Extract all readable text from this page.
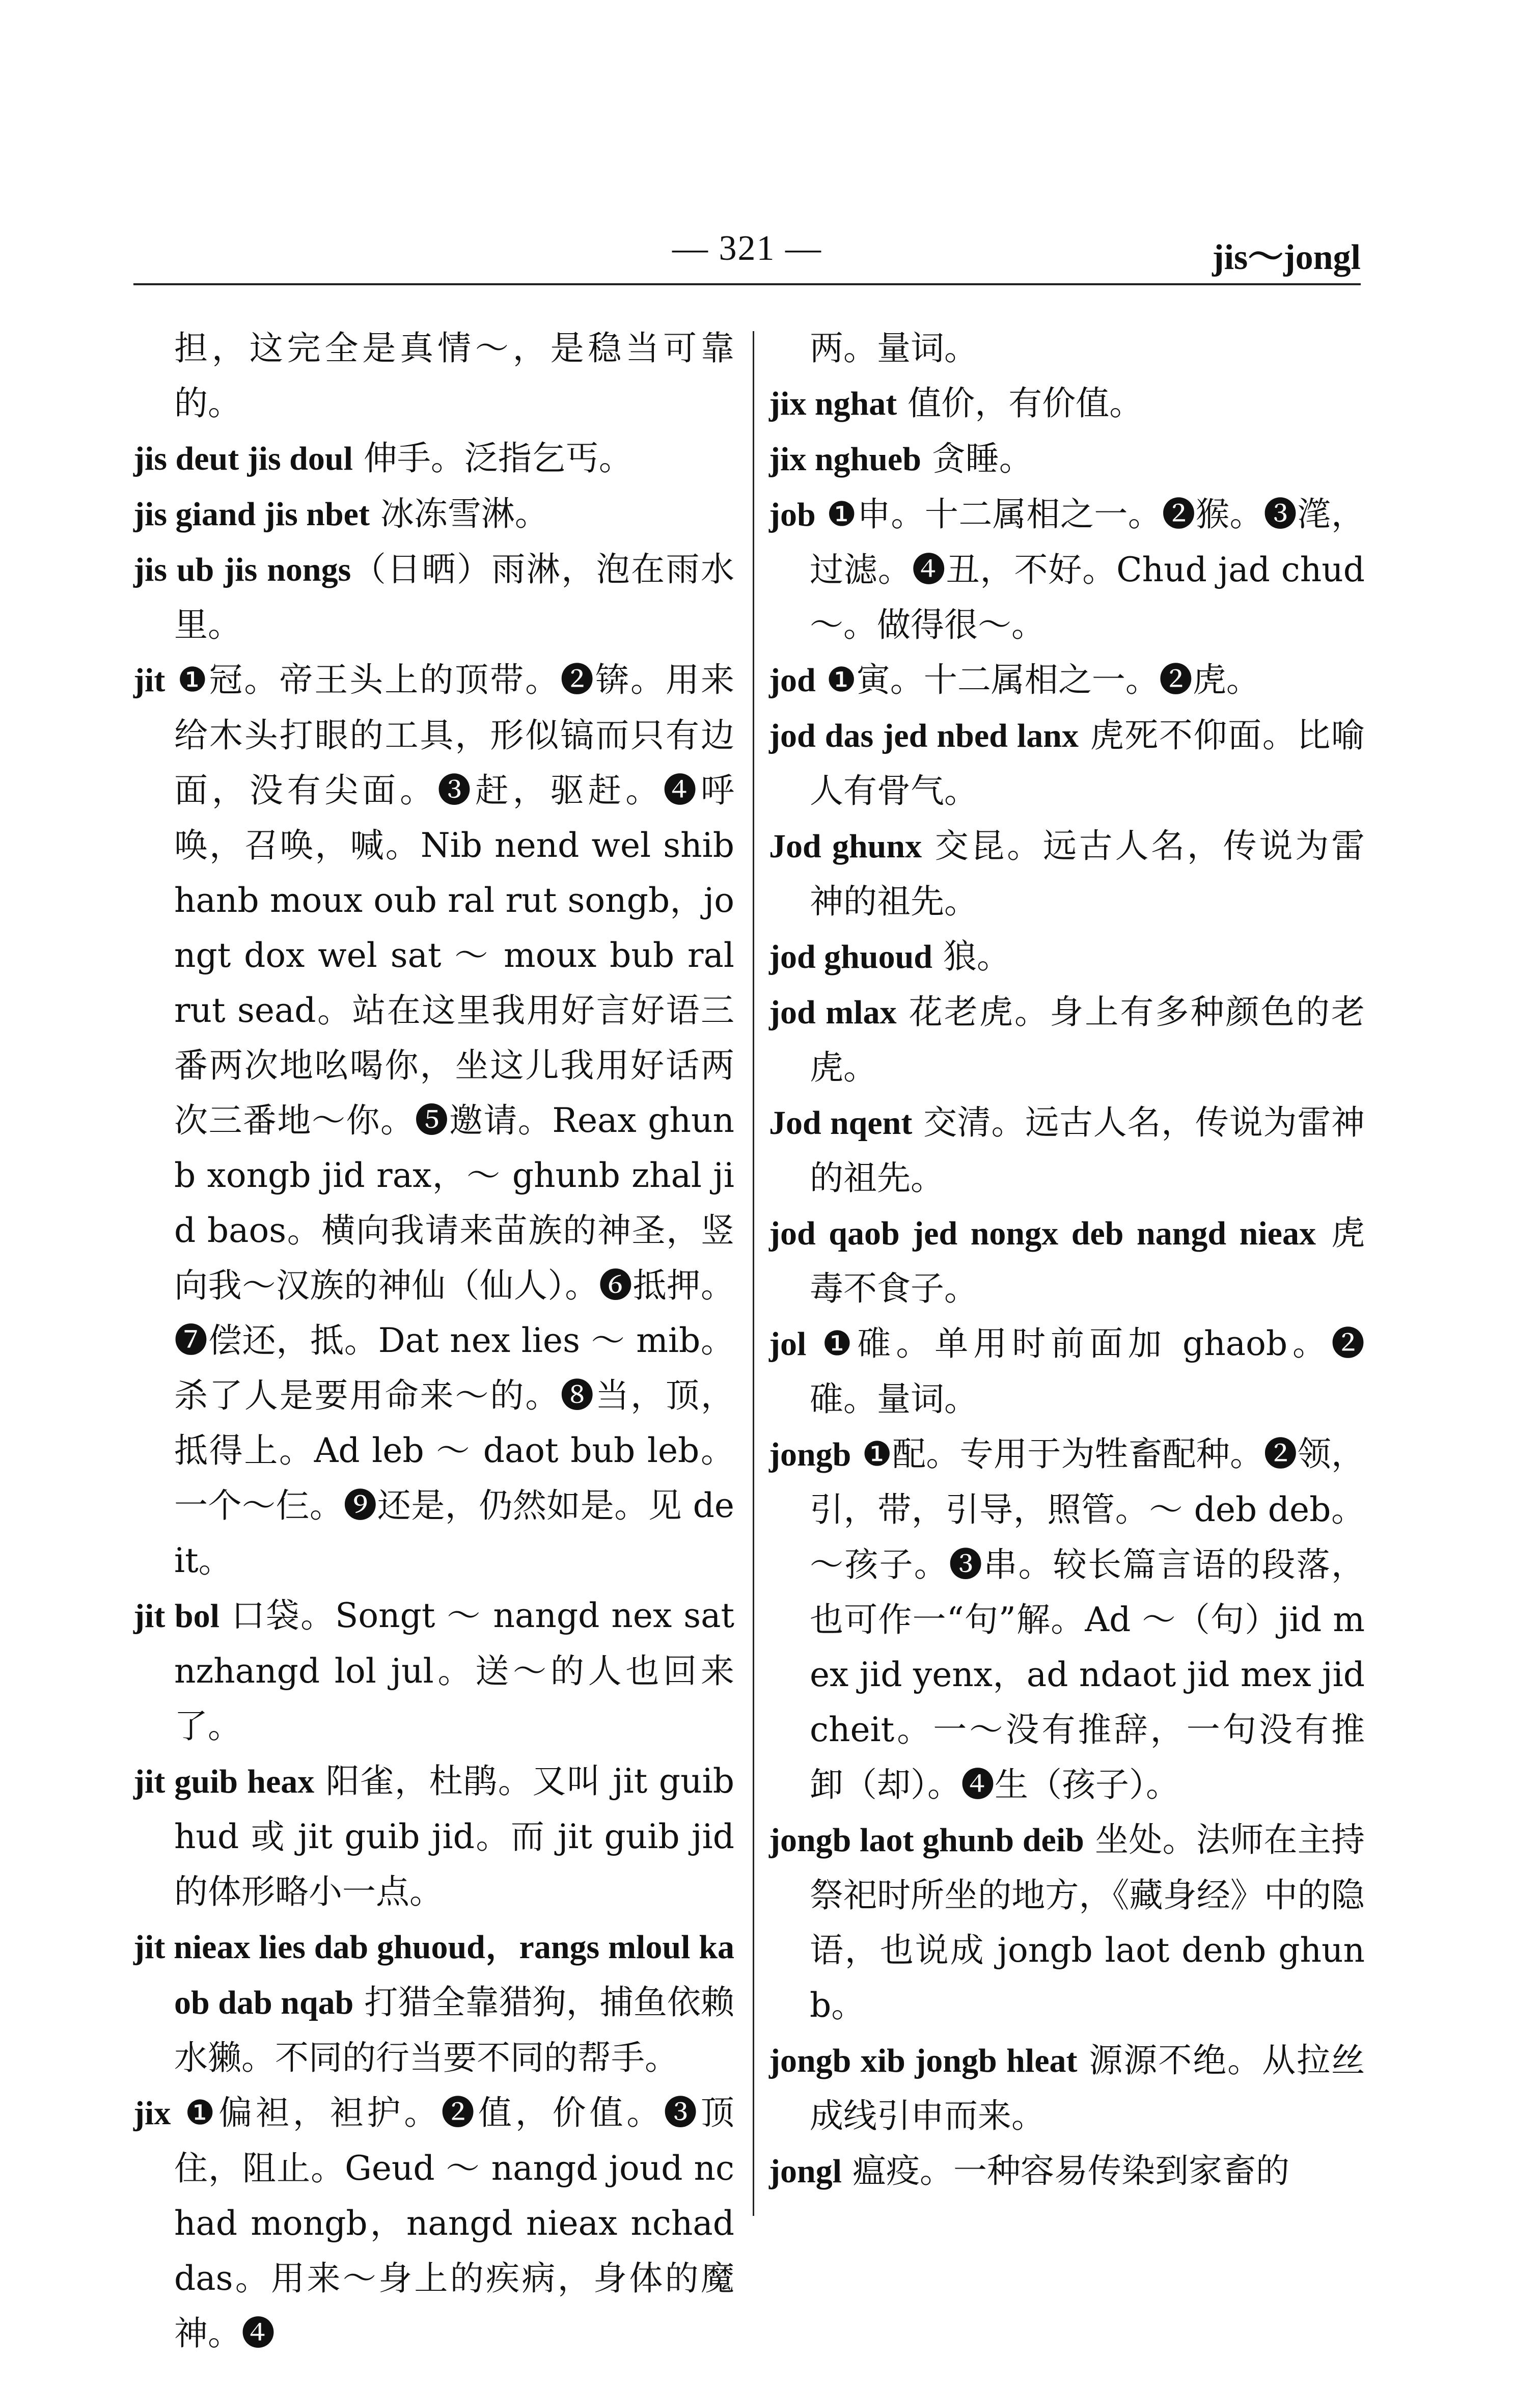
— 321 —	jis～jongl

担，这完全是真情～，是稳当可靠的。

jis deut jis doul 伸手。泛指乞丐。

jis giand jis nbet 冰冻雪淋。

jis ub jis nongs（日晒）雨淋，泡在雨水里。

jit ❶冠。帝王头上的顶带。❷锛。用来给木头打眼的工具，形似镐而只有边面，没有尖面。❸赶，驱赶。❹呼唤，召唤，喊。Nib nend wel shib hanb moux oub ral rut songb，jongt dox wel sat ～ moux bub ral rut sead。站在这里我用好言好语三番两次地吆喝你，坐这儿我用好话两次三番地～你。❺邀请。Reax ghunb xongb jid rax，～ ghunb zhal jid baos。横向我请来苗族的神圣，竖向我～汉族的神仙（仙人）。❻抵押。❼偿还，抵。Dat nex lies ～ mib。杀了人是要用命来～的。❽当，顶，抵得上。Ad leb ～ daot bub leb。一个～仨。❾还是，仍然如是。见 deit。

jit bol 口袋。Songt ～ nangd nex sat nzhangd lol jul。送～的人也回来了。

jit guib heax 阳雀，杜鹃。又叫 jit guib hud 或 jit guib jid。而 jit guib jid 的体形略小一点。

jit nieax lies dab ghuoud，rangs mloul kaob dab nqab 打猎全靠猎狗，捕鱼依赖水獭。不同的行当要不同的帮手。

jix ❶偏袒，袒护。❷值，价值。❸顶住，阻止。Geud ～ nangd joud nchad mongb，nangd nieax nchad das。用来～身上的疾病，身体的魔神。❹

两。量词。

jix nghat 值价，有价值。

jix nghueb 贪睡。

job ❶申。十二属相之一。❷猴。❸滗，过滤。❹丑，不好。Chud jad chud ～。做得很～。

jod ❶寅。十二属相之一。❷虎。

jod das jed nbed lanx 虎死不仰面。比喻人有骨气。

Jod ghunx 交昆。远古人名，传说为雷神的祖先。

jod ghuoud 狼。

jod mlax 花老虎。身上有多种颜色的老虎。

Jod nqent 交清。远古人名，传说为雷神的祖先。

jod qaob jed nongx deb nangd nieax 虎毒不食子。

jol ❶碓。单用时前面加 ghaob。❷碓。量词。

jongb ❶配。专用于为牲畜配种。❷领，引，带，引导，照管。～ deb deb。～孩子。❸串。较长篇言语的段落，也可作一“句”解。Ad ～（句）jid mex jid yenx，ad ndaot jid mex jid cheit。一～没有推辞，一句没有推卸（却）。❹生（孩子）。

jongb laot ghunb deib 坐处。法师在主持祭祀时所坐的地方，《藏身经》中的隐语，也说成 jongb laot denb ghunb。

jongb xib jongb hleat 源源不绝。从拉丝成线引申而来。

jongl 瘟疫。一种容易传染到家畜的
